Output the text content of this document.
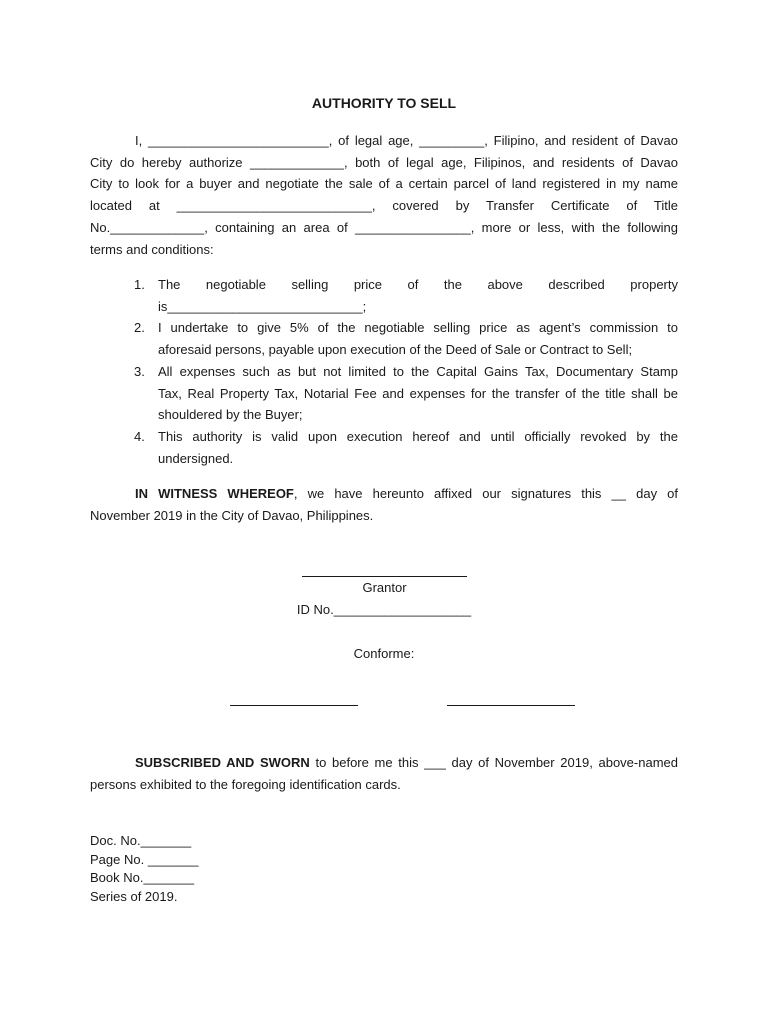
AUTHORITY TO SELL
I, _________________________, of legal age, _________, Filipino, and resident of Davao
City do hereby authorize _____________, both of legal age, Filipinos, and residents of Davao
City to look for a buyer and negotiate the sale of a certain parcel of land registered in my name
located at ___________________________, covered by Transfer Certificate of Title
No._____________, containing an area of ________________, more or less, with the following
terms and conditions:
1. The negotiable selling price of the above described property
is___________________________;
2. I undertake to give 5% of the negotiable selling price as agent’s commission to
aforesaid persons, payable upon execution of the Deed of Sale or Contract to Sell;
3. All expenses such as but not limited to the Capital Gains Tax, Documentary Stamp
Tax, Real Property Tax, Notarial Fee and expenses for the transfer of the title shall be
shouldered by the Buyer;
4. This authority is valid upon execution hereof and until officially revoked by the
undersigned.
IN WITNESS WHEREOF, we have hereunto affixed our signatures this __ day of
November 2019 in the City of Davao, Philippines.
Grantor
ID No.___________________
Conforme:
SUBSCRIBED AND SWORN to before me this ___ day of November 2019, above-named
persons exhibited to the foregoing identification cards.
Doc. No._______
Page No. _______
Book No._______
Series of 2019.
